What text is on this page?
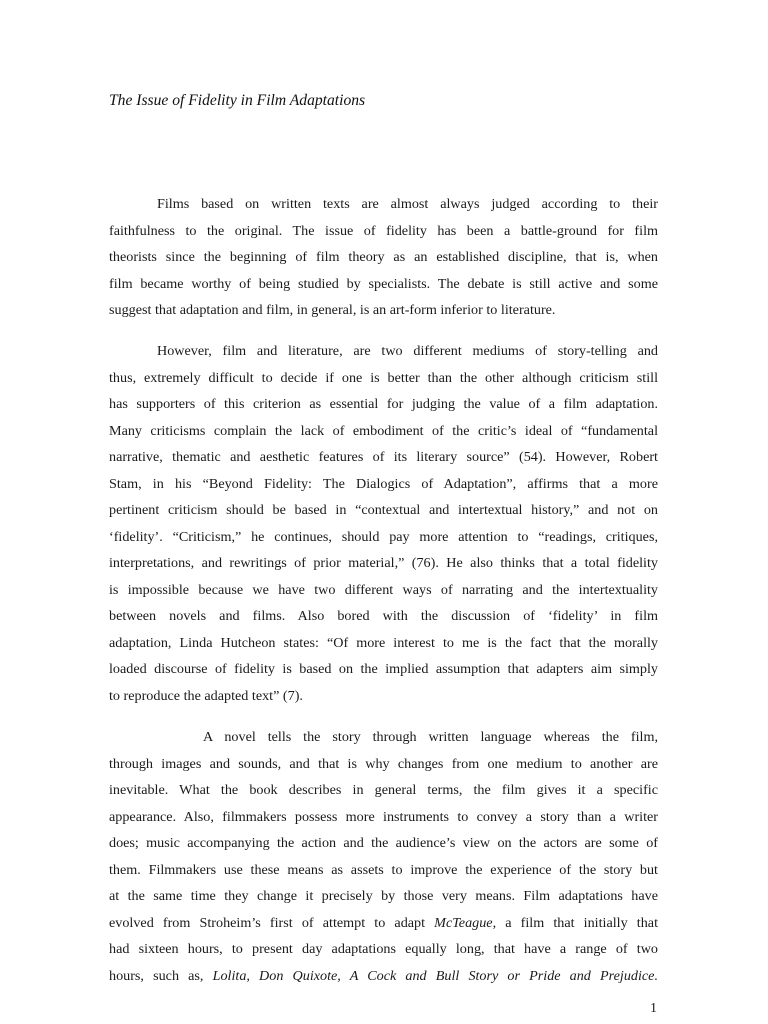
The Issue of Fidelity in Film Adaptations
Films based on written texts are almost always judged according to their
faithfulness to the original. The issue of fidelity has been a battle-ground for film
theorists since the beginning of film theory as an established discipline, that is, when
film became worthy of being studied by specialists. The debate is still active and some
suggest that adaptation and film, in general, is an art-form inferior to literature.
However, film and literature, are two different mediums of story-telling and
thus, extremely difficult to decide if one is better than the other although criticism still
has supporters of this criterion as essential for judging the value of a film adaptation.
Many criticisms complain the lack of embodiment of the critic’s ideal of “fundamental
narrative, thematic and aesthetic features of its literary source” (54). However, Robert
Stam, in his “Beyond Fidelity: The Dialogics of Adaptation”, affirms that a more
pertinent criticism should be based in “contextual and intertextual history,” and not on
‘fidelity’. “Criticism,” he continues, should pay more attention to “readings, critiques,
interpretations, and rewritings of prior material,” (76). He also thinks that a total fidelity
is impossible because we have two different ways of narrating and the intertextuality
between novels and films. Also bored with the discussion of ‘fidelity’ in film
adaptation, Linda Hutcheon states: “Of more interest to me is the fact that the morally
loaded discourse of fidelity is based on the implied assumption that adapters aim simply
to reproduce the adapted text” (7).
A novel tells the story through written language whereas the film,
through images and sounds, and that is why changes from one medium to another are
inevitable. What the book describes in general terms, the film gives it a specific
appearance. Also, filmmakers possess more instruments to convey a story than a writer
does; music accompanying the action and the audience’s view on the actors are some of
them. Filmmakers use these means as assets to improve the experience of the story but
at the same time they change it precisely by those very means. Film adaptations have
evolved from Stroheim’s first of attempt to adapt McTeague, a film that initially that
had sixteen hours, to present day adaptations equally long, that have a range of two
hours, such as, Lolita, Don Quixote, A Cock and Bull Story or Pride and Prejudice.
1
